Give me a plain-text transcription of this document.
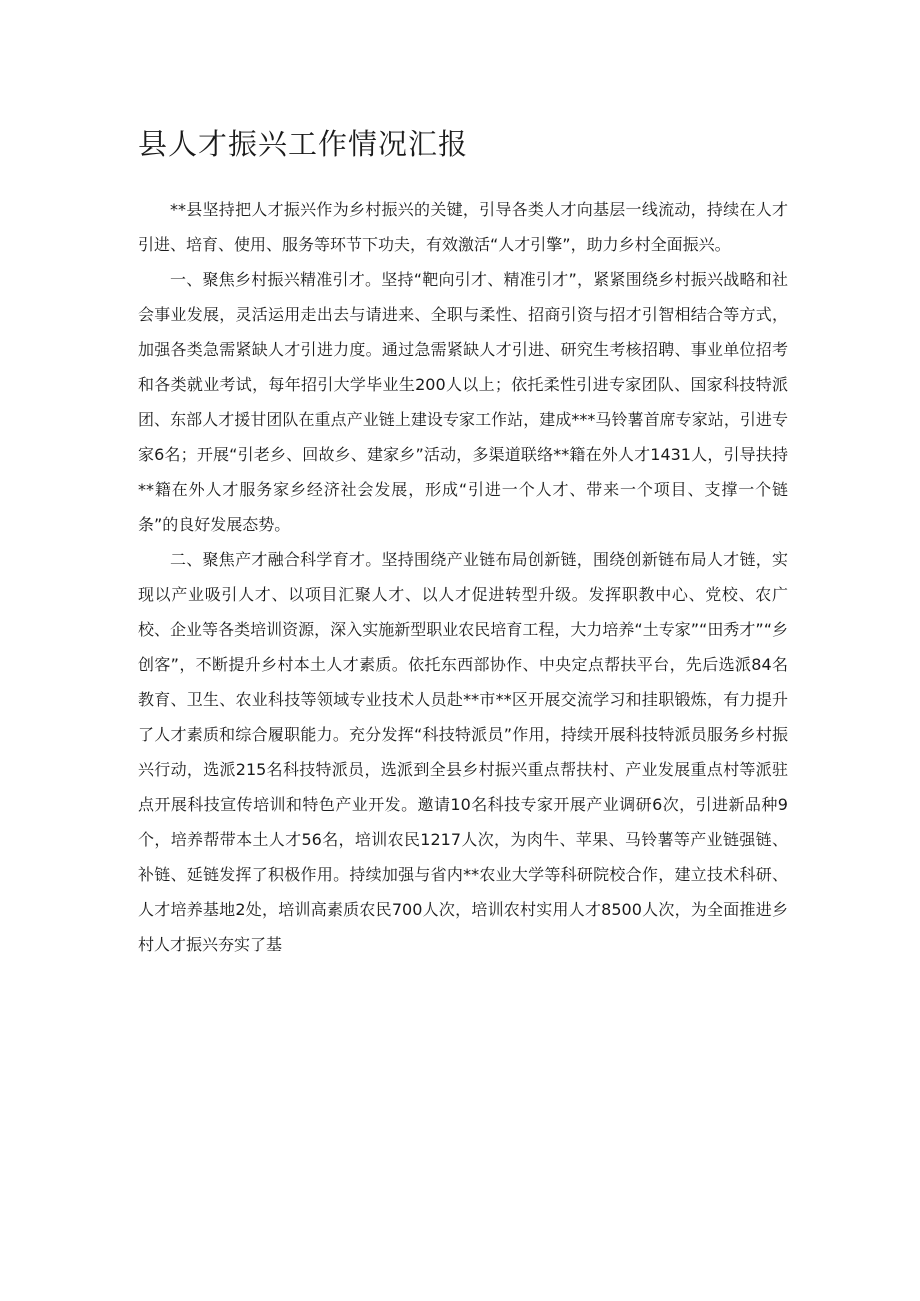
县人才振兴工作情况汇报

**县坚持把人才振兴作为乡村振兴的关键，引导各类人才向基层一线流动，持续在人才引进、培育、使用、服务等环节下功夫，有效激活“人才引擎”，助力乡村全面振兴。

一、聚焦乡村振兴精准引才。坚持“靶向引才、精准引才”，紧紧围绕乡村振兴战略和社会事业发展，灵活运用走出去与请进来、全职与柔性、招商引资与招才引智相结合等方式，加强各类急需紧缺人才引进力度。通过急需紧缺人才引进、研究生考核招聘、事业单位招考和各类就业考试，每年招引大学毕业生200人以上；依托柔性引进专家团队、国家科技特派团、东部人才援甘团队在重点产业链上建设专家工作站，建成***马铃薯首席专家站，引进专家6名；开展“引老乡、回故乡、建家乡”活动，多渠道联络**籍在外人才1431人，引导扶持**籍在外人才服务家乡经济社会发展，形成“引进一个人才、带来一个项目、支撑一个链条”的良好发展态势。

二、聚焦产才融合科学育才。坚持围绕产业链布局创新链，围绕创新链布局人才链，实现以产业吸引人才、以项目汇聚人才、以人才促进转型升级。发挥职教中心、党校、农广校、企业等各类培训资源，深入实施新型职业农民培育工程，大力培养“土专家”“田秀才”“乡创客”，不断提升乡村本土人才素质。依托东西部协作、中央定点帮扶平台，先后选派84名教育、卫生、农业科技等领域专业技术人员赴**市**区开展交流学习和挂职锻炼，有力提升了人才素质和综合履职能力。充分发挥“科技特派员”作用，持续开展科技特派员服务乡村振兴行动，选派215名科技特派员，选派到全县乡村振兴重点帮扶村、产业发展重点村等派驻点开展科技宣传培训和特色产业开发。邀请10名科技专家开展产业调研6次，引进新品种9个，培养帮带本土人才56名，培训农民1217人次，为肉牛、苹果、马铃薯等产业链强链、补链、延链发挥了积极作用。持续加强与省内**农业大学等科研院校合作，建立技术科研、人才培养基地2处，培训高素质农民700人次，培训农村实用人才8500人次，为全面推进乡村人才振兴夯实了基
